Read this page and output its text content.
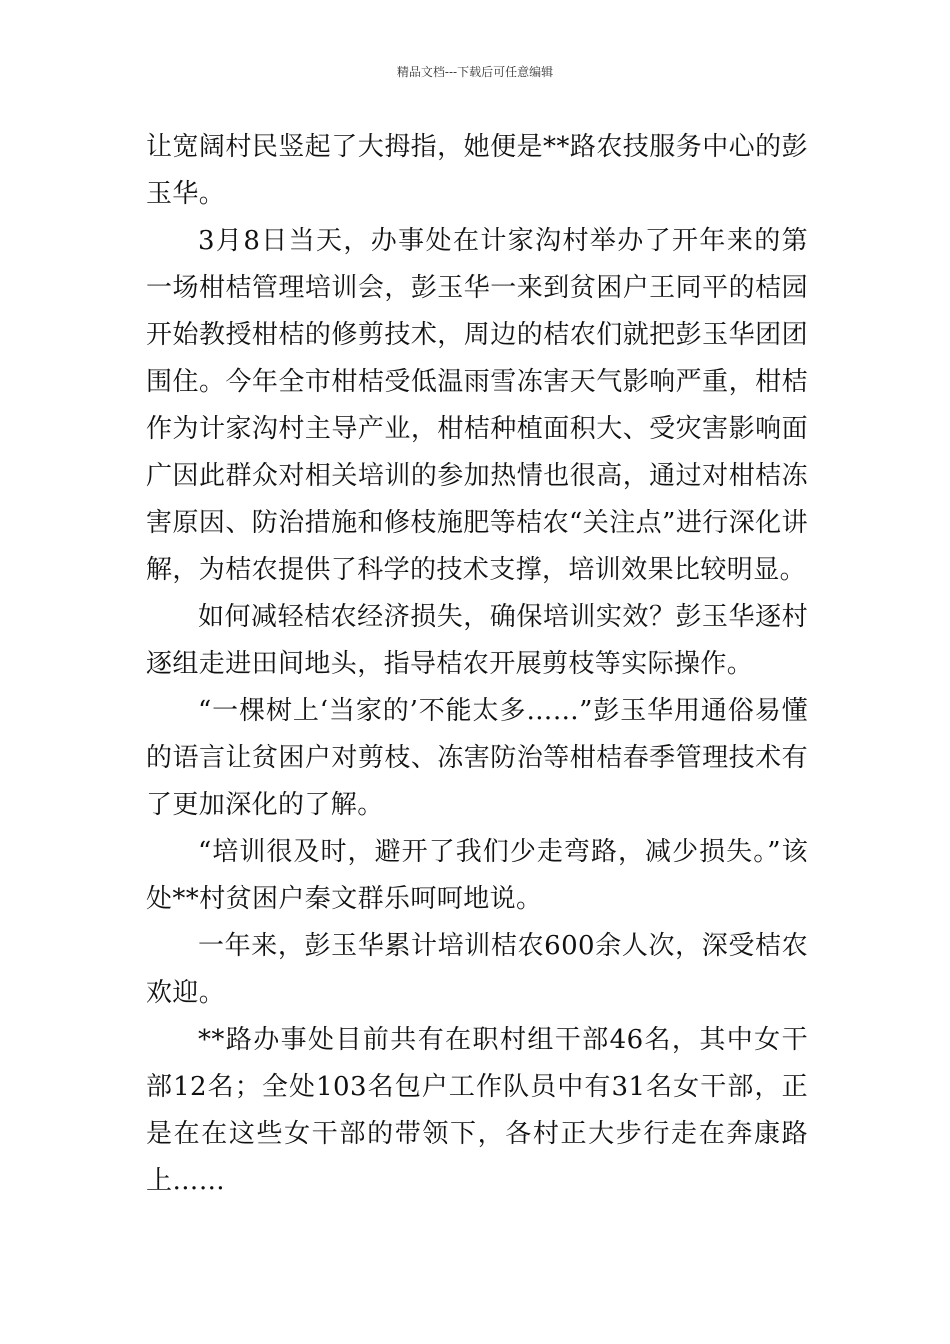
精品文档---下载后可任意编辑

让宽阔村民竖起了大拇指，她便是**路农技服务中心的彭玉华。

3月8日当天，办事处在计家沟村举办了开年来的第一场柑桔管理培训会，彭玉华一来到贫困户王同平的桔园开始教授柑桔的修剪技术，周边的桔农们就把彭玉华团团围住。今年全市柑桔受低温雨雪冻害天气影响严重，柑桔作为计家沟村主导产业，柑桔种植面积大、受灾害影响面广因此群众对相关培训的参加热情也很高，通过对柑桔冻害原因、防治措施和修枝施肥等桔农“关注点”进行深化讲解，为桔农提供了科学的技术支撑，培训效果比较明显。

如何减轻桔农经济损失，确保培训实效？彭玉华逐村逐组走进田间地头，指导桔农开展剪枝等实际操作。

“一棵树上‘当家的’不能太多……”彭玉华用通俗易懂的语言让贫困户对剪枝、冻害防治等柑桔春季管理技术有了更加深化的了解。

“培训很及时，避开了我们少走弯路，减少损失。”该处**村贫困户秦文群乐呵呵地说。

一年来，彭玉华累计培训桔农600余人次，深受桔农欢迎。

**路办事处目前共有在职村组干部46名，其中女干部12名；全处103名包户工作队员中有31名女干部，正是在在这些女干部的带领下，各村正大步行走在奔康路上……
